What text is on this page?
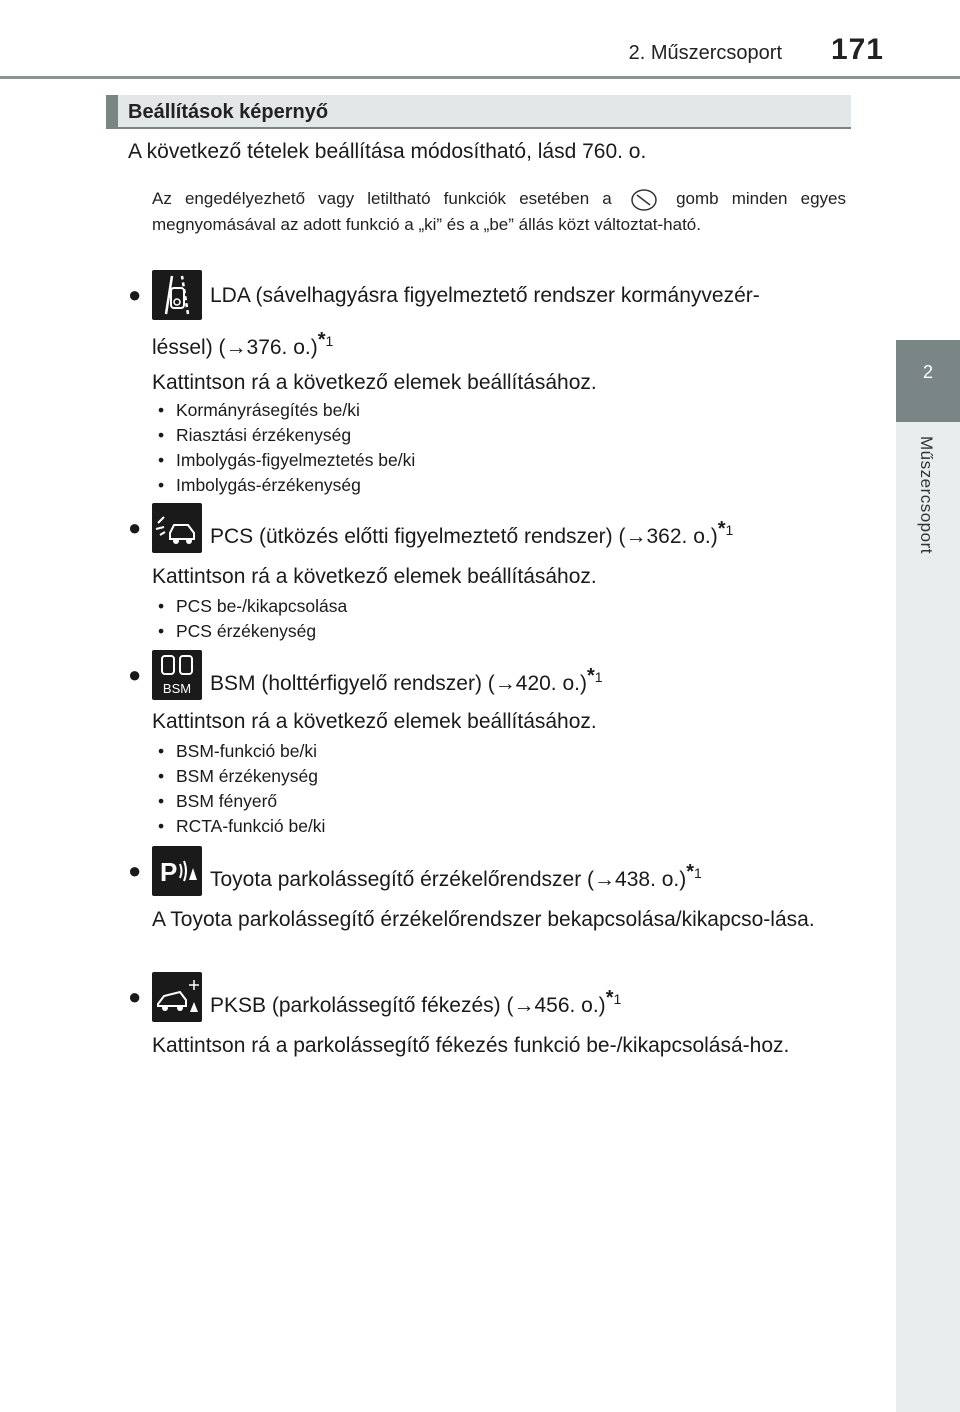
2. Műszercsoport 171
2
Műszercsoport
Beállítások képernyő
A következő tételek beállítása módosítható, lásd 760. o.
Az engedélyezhető vagy letiltható funkciók esetében a	gomb minden egyes megnyomásával az adott funkció a „ki” és a „be” állás közt változtat-ható.
●	LDA (sávelhagyásra figyelmeztető rendszer kormányvezér-
léssel) (→376. o.)*$^1$
Kattintson rá a következő elemek beállításához.
• Kormányrásegítés be/ki
• Riasztási érzékenység
• Imbolygás-figyelmeztetés be/ki
• Imbolygás-érzékenység
●	PCS (ütközés előtti figyelmeztető rendszer) (→362. o.)*$^1$
Kattintson rá a következő elemek beállításához.
• PCS be-/kikapcsolása
• PCS érzékenység
●
BSM BSM (holttérfigyelő rendszer) (→420. o.)*$^1$
Kattintson rá a következő elemek beállításához.
• BSM-funkció be/ki
• BSM érzékenység
• BSM fényerő
• RCTA-funkció be/ki
● P	Toyota parkolássegítő érzékelőrendszer (→438. o.)*$^1$
A Toyota parkolássegítő érzékelőrendszer bekapcsolása/kikapcso-lása.
●	PKSB (parkolássegítő fékezés) (→456. o.)*$^1$
Kattintson rá a parkolássegítő fékezés funkció be-/kikapcsolásá-hoz.
